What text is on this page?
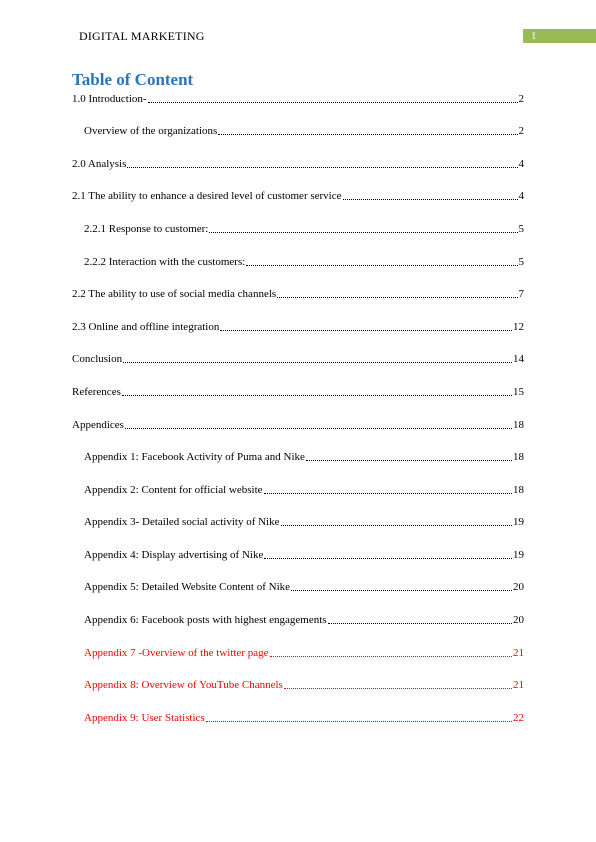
DIGITAL MARKETING	1
Table of Content
1.0 Introduction-	2
Overview of the organizations	2
2.0 Analysis	4
2.1 The ability to enhance a desired level of customer service	4
2.2.1 Response to customer:	5
2.2.2 Interaction with the customers:	5
2.2 The ability to use of social media channels	7
2.3 Online and offline integration	12
Conclusion	14
References	15
Appendices	18
Appendix 1: Facebook Activity of Puma and Nike	18
Appendix 2: Content for official website	18
Appendix 3- Detailed social activity of Nike	19
Appendix 4: Display advertising of Nike	19
Appendix 5: Detailed Website Content of Nike	20
Appendix 6: Facebook posts with highest engagements	20
Appendix 7 -Overview of the twitter page	21
Appendix 8: Overview of YouTube Channels	21
Appendix 9: User Statistics	22
